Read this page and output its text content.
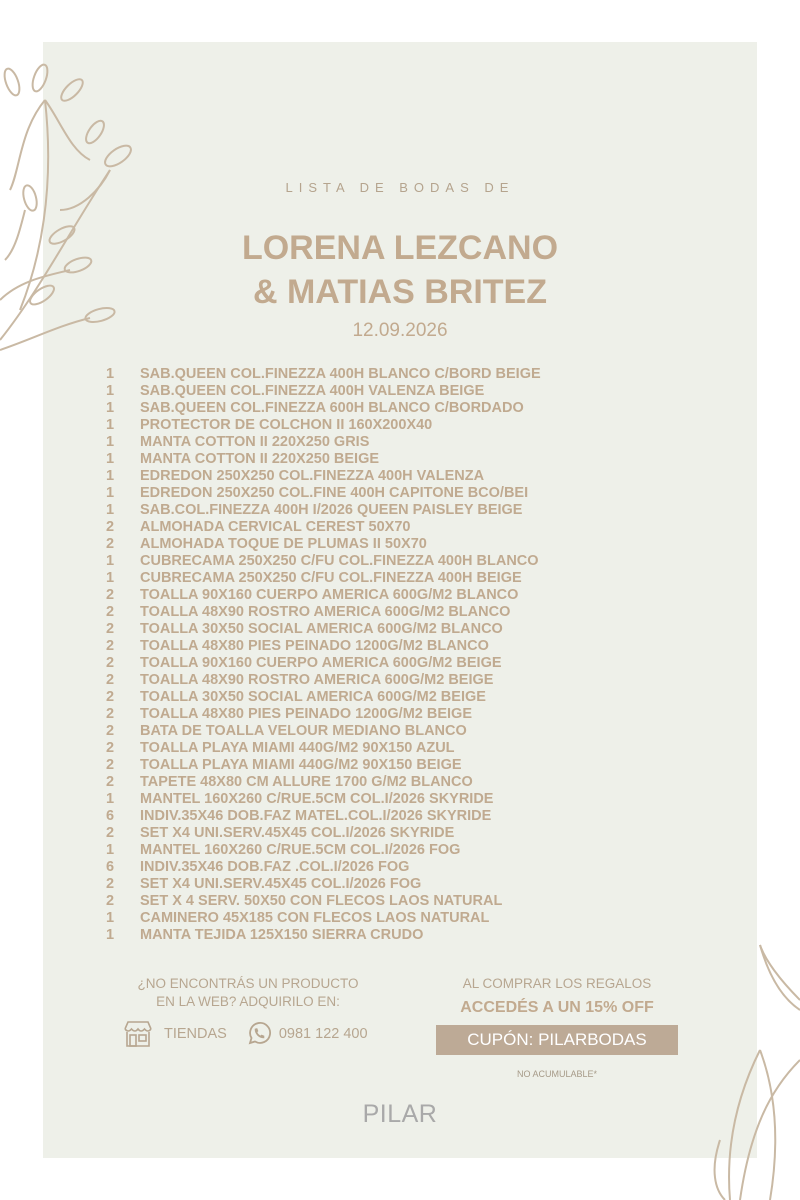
LISTA DE BODAS DE
LORENA LEZCANO
& MATIAS BRITEZ
12.09.2026
1	SAB.QUEEN COL.FINEZZA 400H BLANCO C/BORD BEIGE
1	SAB.QUEEN COL.FINEZZA 400H VALENZA BEIGE
1	SAB.QUEEN COL.FINEZZA 600H BLANCO C/BORDADO
1	PROTECTOR DE COLCHON II 160X200X40
1	MANTA COTTON II 220X250 GRIS
1	MANTA COTTON II 220X250 BEIGE
1	EDREDON 250X250 COL.FINEZZA 400H VALENZA
1	EDREDON 250X250 COL.FINE 400H CAPITONE BCO/BEI
1	SAB.COL.FINEZZA 400H I/2026 QUEEN PAISLEY BEIGE
2	ALMOHADA CERVICAL CEREST 50X70
2	ALMOHADA TOQUE DE PLUMAS II 50X70
1	CUBRECAMA 250X250 C/FU COL.FINEZZA 400H BLANCO
1	CUBRECAMA 250X250 C/FU COL.FINEZZA 400H BEIGE
2	TOALLA 90X160 CUERPO AMERICA 600G/M2 BLANCO
2	TOALLA 48X90 ROSTRO AMERICA 600G/M2 BLANCO
2	TOALLA 30X50 SOCIAL AMERICA 600G/M2 BLANCO
2	TOALLA 48X80 PIES PEINADO 1200G/M2 BLANCO
2	TOALLA 90X160 CUERPO AMERICA 600G/M2 BEIGE
2	TOALLA 48X90 ROSTRO AMERICA 600G/M2 BEIGE
2	TOALLA 30X50 SOCIAL AMERICA 600G/M2 BEIGE
2	TOALLA 48X80 PIES PEINADO 1200G/M2 BEIGE
2	BATA DE TOALLA VELOUR MEDIANO BLANCO
2	TOALLA PLAYA MIAMI 440G/M2 90X150 AZUL
2	TOALLA PLAYA MIAMI 440G/M2 90X150 BEIGE
2	TAPETE 48X80 CM ALLURE 1700 G/M2 BLANCO
1	MANTEL 160X260 C/RUE.5CM COL.I/2026 SKYRIDE
6	INDIV.35X46 DOB.FAZ MATEL.COL.I/2026 SKYRIDE
2	SET X4 UNI.SERV.45X45 COL.I/2026 SKYRIDE
1	MANTEL 160X260 C/RUE.5CM COL.I/2026 FOG
6	INDIV.35X46 DOB.FAZ .COL.I/2026 FOG
2	SET X4 UNI.SERV.45X45 COL.I/2026 FOG
2	SET X 4 SERV. 50X50 CON FLECOS LAOS NATURAL
1	CAMINERO 45X185 CON FLECOS LAOS NATURAL
1	MANTA TEJIDA 125X150 SIERRA CRUDO
¿NO ENCONTRÁS UN PRODUCTO
EN LA WEB? ADQUIRILO EN:
TIENDAS	0981 122 400
AL COMPRAR LOS REGALOS
ACCEDÉS A UN 15% OFF
CUPÓN: PILARBODAS
NO ACUMULABLE*
PILAR
